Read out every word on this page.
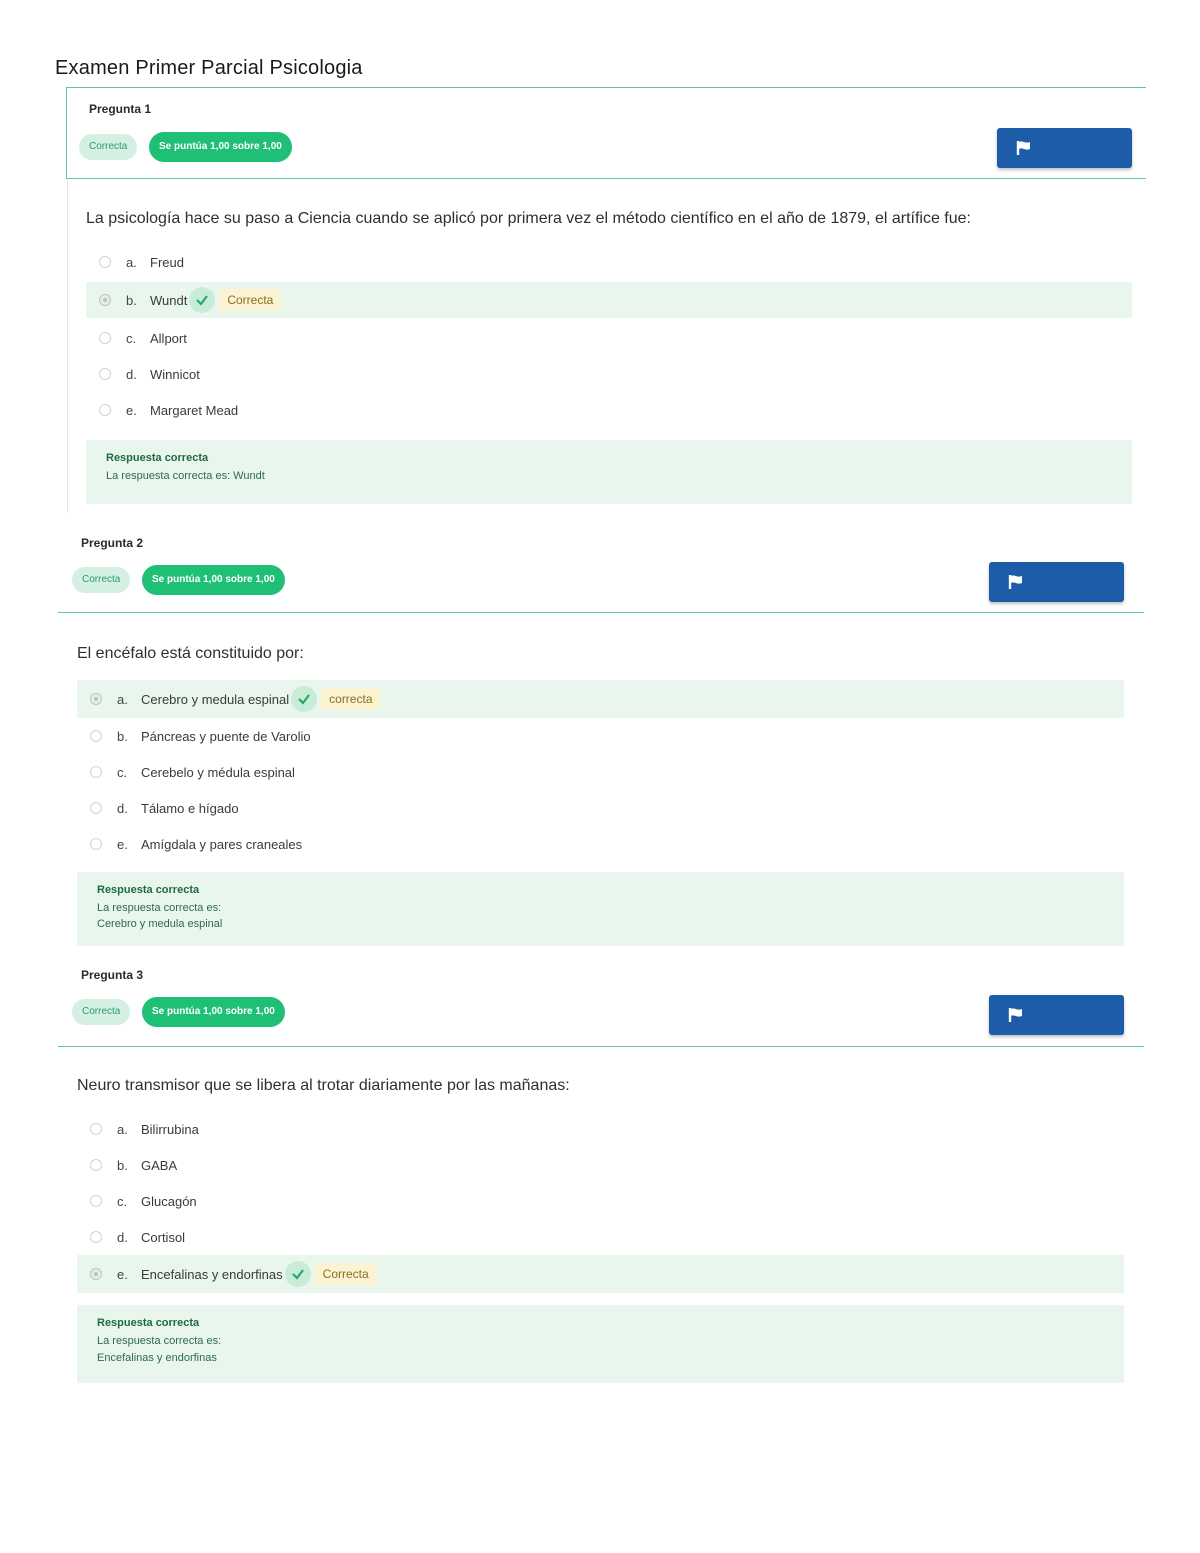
Examen Primer Parcial Psicologia
Pregunta 1
Correcta	Se puntúa 1,00 sobre 1,00
La psicología hace su paso a Ciencia cuando se aplicó por primera vez el método científico en el año de 1879, el artífice fue:
a. Freud
b. Wundt	Correcta
c. Allport
d. Winnicot
e. Margaret Mead
Respuesta correcta
La respuesta correcta es: Wundt
Pregunta 2
Correcta	Se puntúa 1,00 sobre 1,00
El encéfalo está constituido por:
a. Cerebro y medula espinal	correcta
b. Páncreas y puente de Varolio
c. Cerebelo y médula espinal
d. Tálamo e hígado
e. Amígdala y pares craneales
Respuesta correcta
La respuesta correcta es:
Cerebro y medula espinal
Pregunta 3
Correcta	Se puntúa 1,00 sobre 1,00
Neuro transmisor que se libera al trotar diariamente por las mañanas:
a. Bilirrubina
b. GABA
c. Glucagón
d. Cortisol
e. Encefalinas y endorfinas	Correcta
Respuesta correcta
La respuesta correcta es:
Encefalinas y endorfinas
